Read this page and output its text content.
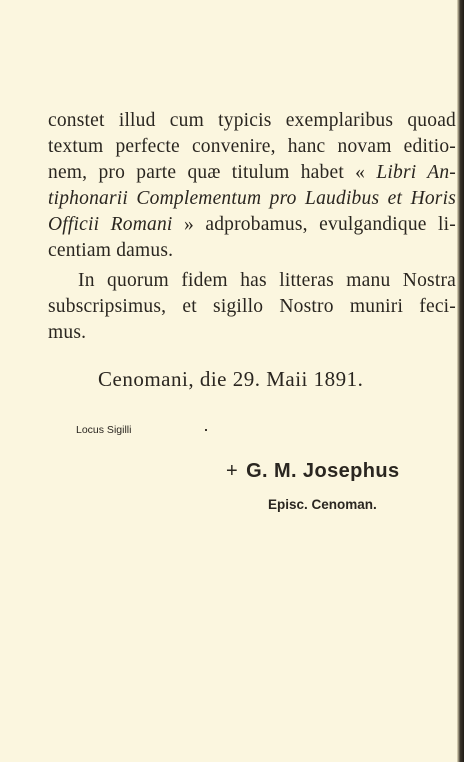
constet illud cum typicis exemplaribus quoad
textum perfecte convenire, hanc novam editio-
nem, pro parte quæ titulum habet « Libri An-
tiphonarii Complementum pro Laudibus et Horis
Officii Romani » adprobamus, evulgandique li-
centiam damus.
In quorum fidem has litteras manu Nostra
subscripsimus, et sigillo Nostro muniri feci-
mus.
Cenomani, die 29. Maii 1891.
Locus Sigilli
+ G. M. Josephus
Episc. Cenoman.
